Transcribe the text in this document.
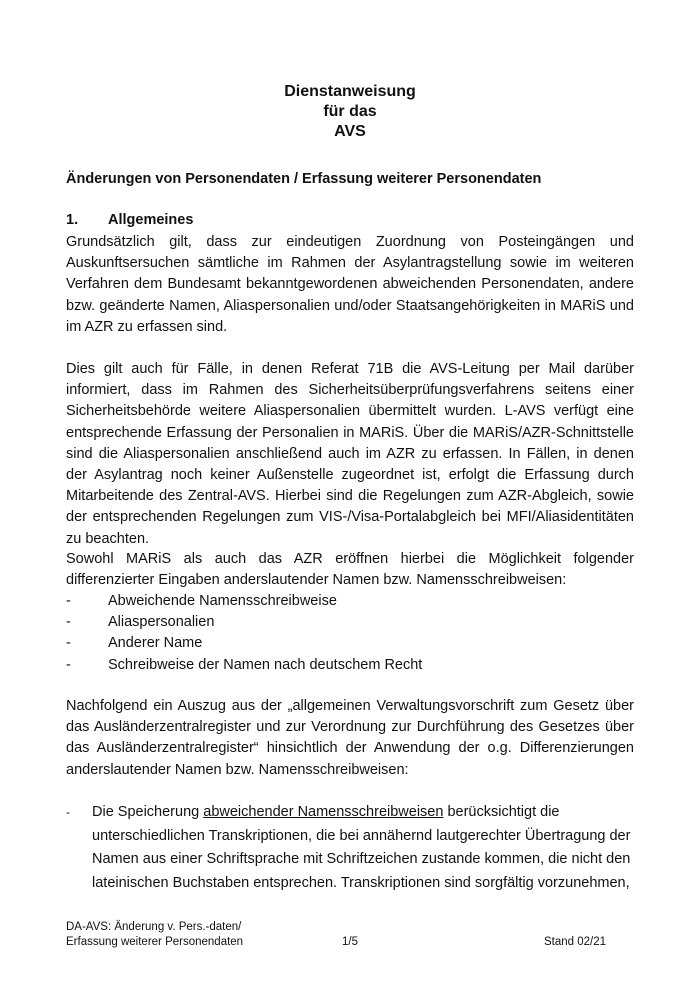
Dienstanweisung
für das
AVS
Änderungen von Personendaten / Erfassung weiterer Personendaten
1. Allgemeines

Grundsätzlich gilt, dass zur eindeutigen Zuordnung von Posteingängen und Auskunftsersuchen sämtliche im Rahmen der Asylantragstellung sowie im weiteren Verfahren dem Bundesamt bekanntgewordenen abweichenden Personendaten, andere bzw. geänderte Namen, Aliaspersonalien und/oder Staatsangehörigkeiten in MARiS und im AZR zu erfassen sind.

Dies gilt auch für Fälle, in denen Referat 71B die AVS-Leitung per Mail darüber informiert, dass im Rahmen des Sicherheitsüberprüfungsverfahrens seitens einer Sicherheitsbehörde weitere Aliaspersonalien übermittelt wurden. L-AVS verfügt eine entsprechende Erfassung der Personalien in MARiS. Über die MARiS/AZR-Schnittstelle sind die Aliaspersonalien anschließend auch im AZR zu erfassen. In Fällen, in denen der Asylantrag noch keiner Außenstelle zugeordnet ist, erfolgt die Erfassung durch Mitarbeitende des Zentral-AVS. Hierbei sind die Regelungen zum AZR-Abgleich, sowie der entsprechenden Regelungen zum VIS-/Visa-Portalabgleich bei MFI/Aliasidentitäten zu beachten.

Sowohl MARiS als auch das AZR eröffnen hierbei die Möglichkeit folgender differenzierter Eingaben anderslautender Namen bzw. Namensschreibweisen:

-	Abweichende Namensschreibweise
-	Aliaspersonalien
-	Anderer Name
-	Schreibweise der Namen nach deutschem Recht

Nachfolgend ein Auszug aus der „allgemeinen Verwaltungsvorschrift zum Gesetz über das Ausländerzentralregister und zur Verordnung zur Durchführung des Gesetzes über das Ausländerzentralregister“ hinsichtlich der Anwendung der o.g. Differenzierungen anderslautender Namen bzw. Namensschreibweisen:

- Die Speicherung abweichender Namensschreibweisen berücksichtigt die unterschiedlichen Transkriptionen, die bei annähernd lautgerechter Übertragung der Namen aus einer Schriftsprache mit Schriftzeichen zustande kommen, die nicht den lateinischen Buchstaben entsprechen. Transkriptionen sind sorgfältig vorzunehmen,
DA-AVS: Änderung v. Pers.-daten/
Erfassung weiterer Personendaten	1/5	Stand 02/21
